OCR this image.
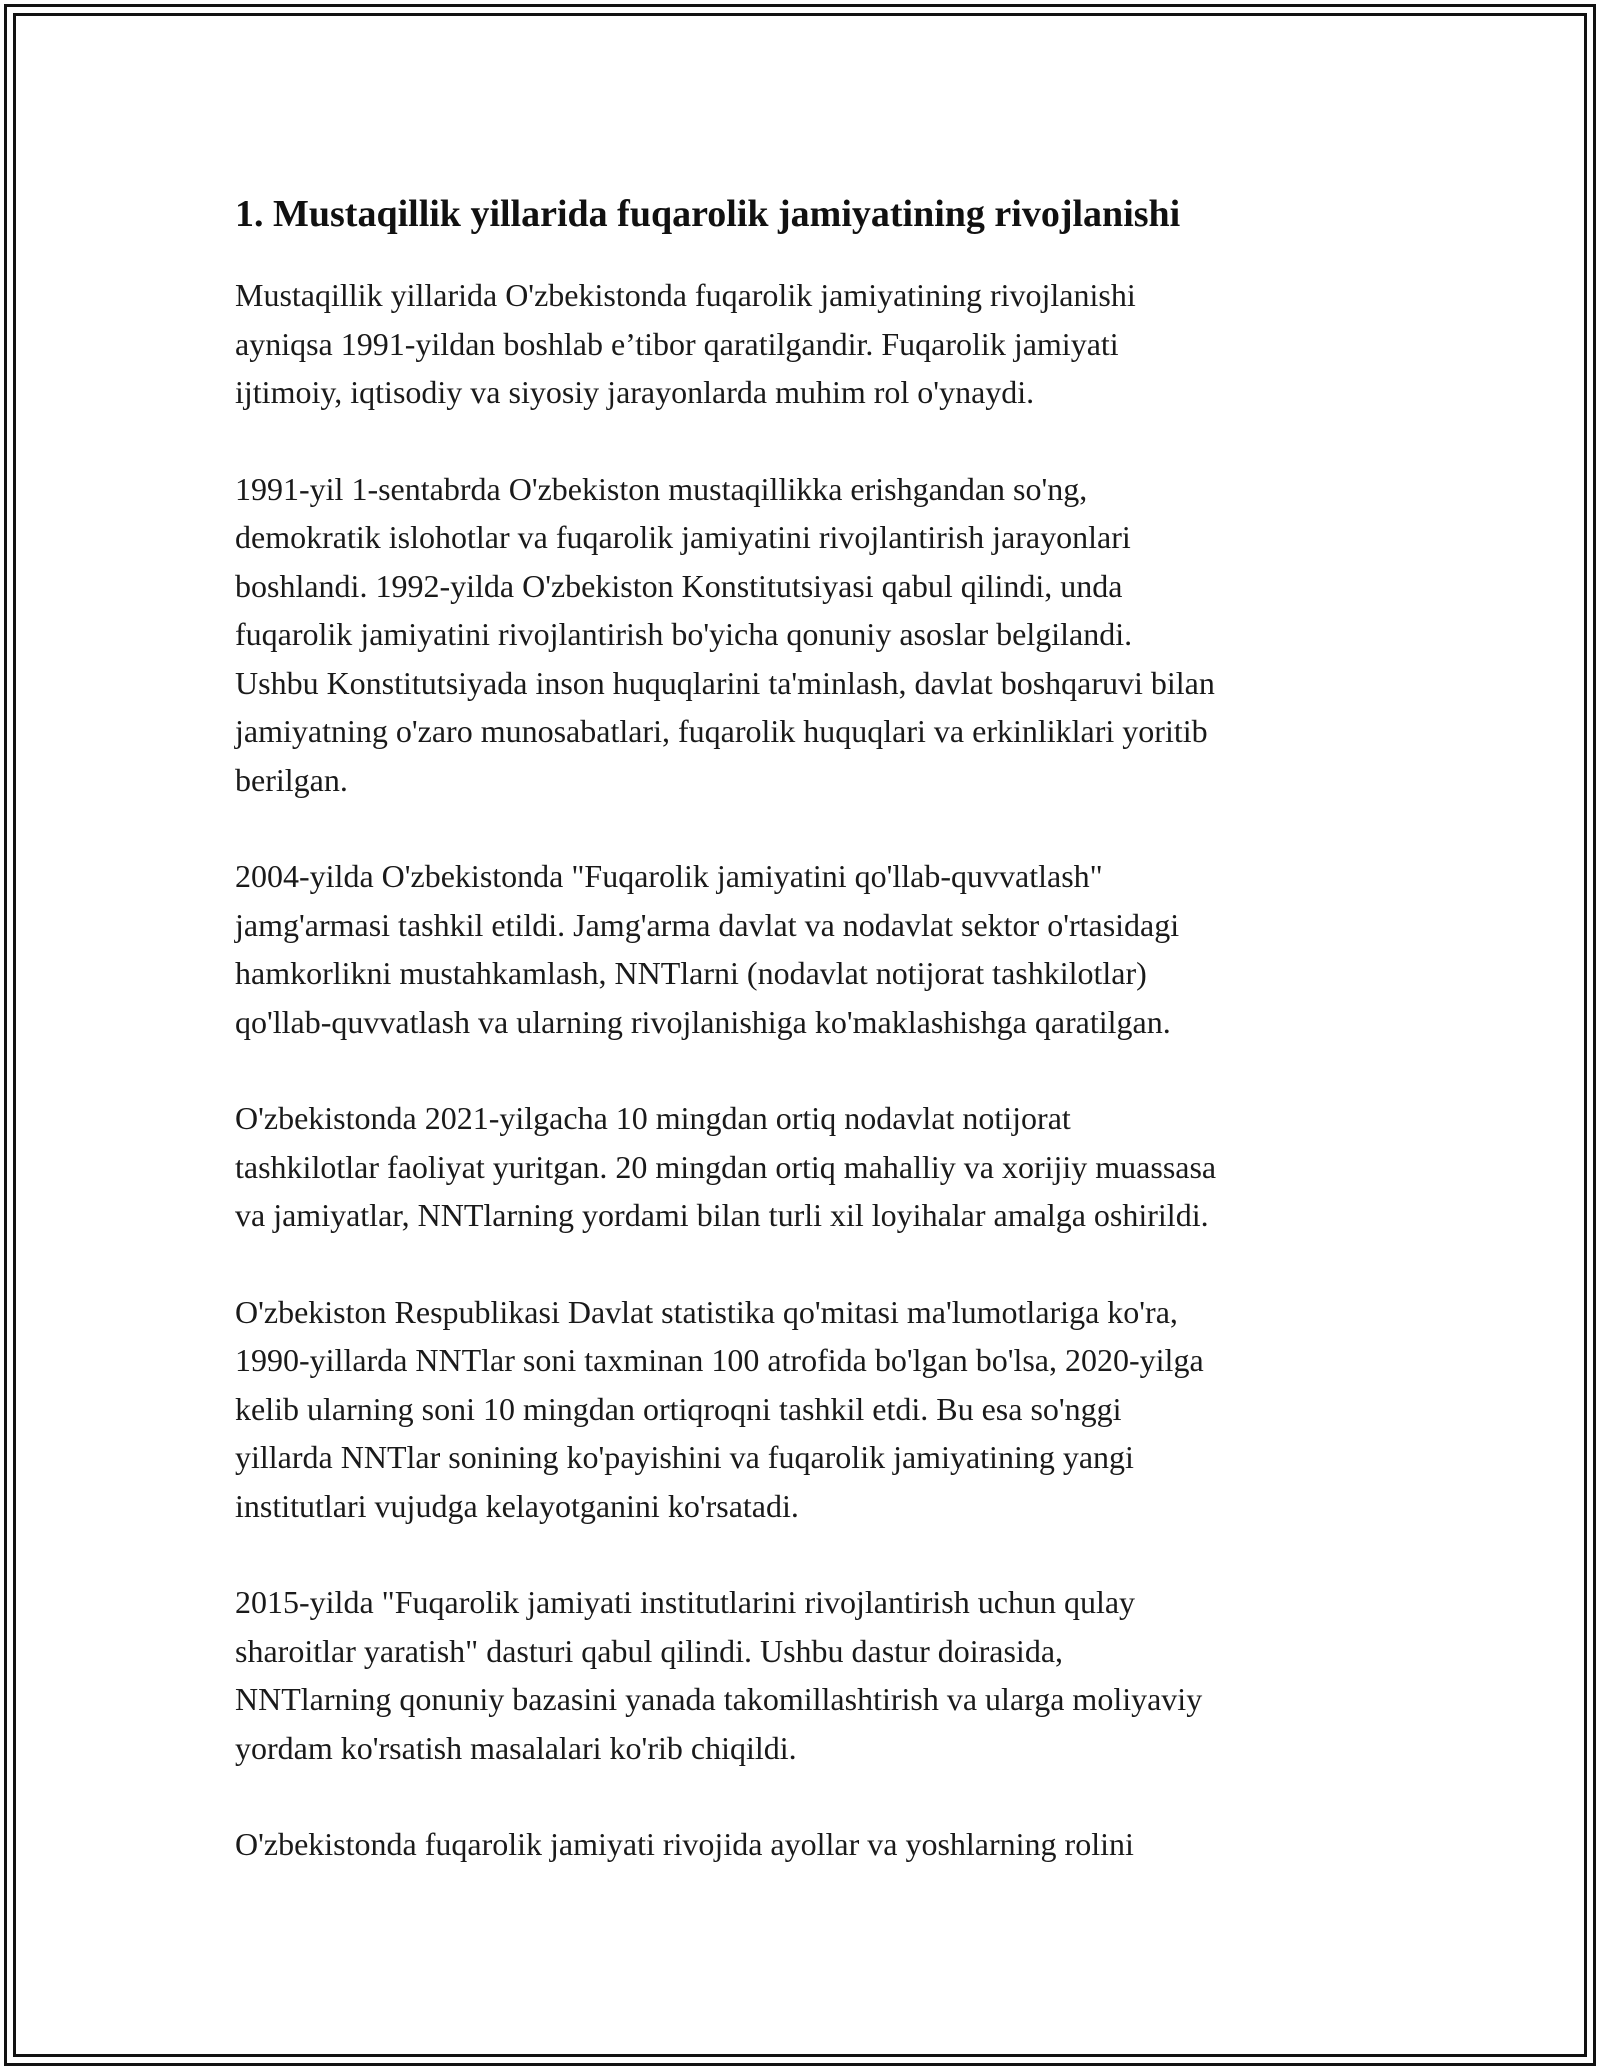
1. Mustaqillik yillarida fuqarolik jamiyatining rivojlanishi

Mustaqillik yillarida O'zbekistonda fuqarolik jamiyatining rivojlanishi
ayniqsa 1991-yildan boshlab e’tibor qaratilgandir. Fuqarolik jamiyati
ijtimoiy, iqtisodiy va siyosiy jarayonlarda muhim rol o'ynaydi.

1991-yil 1-sentabrda O'zbekiston mustaqillikka erishgandan so'ng,
demokratik islohotlar va fuqarolik jamiyatini rivojlantirish jarayonlari
boshlandi. 1992-yilda O'zbekiston Konstitutsiyasi qabul qilindi, unda
fuqarolik jamiyatini rivojlantirish bo'yicha qonuniy asoslar belgilandi.
Ushbu Konstitutsiyada inson huquqlarini ta'minlash, davlat boshqaruvi bilan
jamiyatning o'zaro munosabatlari, fuqarolik huquqlari va erkinliklari yoritib
berilgan.

2004-yilda O'zbekistonda "Fuqarolik jamiyatini qo'llab-quvvatlash"
jamg'armasi tashkil etildi. Jamg'arma davlat va nodavlat sektor o'rtasidagi
hamkorlikni mustahkamlash, NNTlarni (nodavlat notijorat tashkilotlar)
qo'llab-quvvatlash va ularning rivojlanishiga ko'maklashishga qaratilgan.

O'zbekistonda 2021-yilgacha 10 mingdan ortiq nodavlat notijorat
tashkilotlar faoliyat yuritgan. 20 mingdan ortiq mahalliy va xorijiy muassasa
va jamiyatlar, NNTlarning yordami bilan turli xil loyihalar amalga oshirildi.

O'zbekiston Respublikasi Davlat statistika qo'mitasi ma'lumotlariga ko'ra,
1990-yillarda NNTlar soni taxminan 100 atrofida bo'lgan bo'lsa, 2020-yilga
kelib ularning soni 10 mingdan ortiqroqni tashkil etdi. Bu esa so'nggi
yillarda NNTlar sonining ko'payishini va fuqarolik jamiyatining yangi
institutlari vujudga kelayotganini ko'rsatadi.

2015-yilda "Fuqarolik jamiyati institutlarini rivojlantirish uchun qulay
sharoitlar yaratish" dasturi qabul qilindi. Ushbu dastur doirasida,
NNTlarning qonuniy bazasini yanada takomillashtirish va ularga moliyaviy
yordam ko'rsatish masalalari ko'rib chiqildi.

O'zbekistonda fuqarolik jamiyati rivojida ayollar va yoshlarning rolini
